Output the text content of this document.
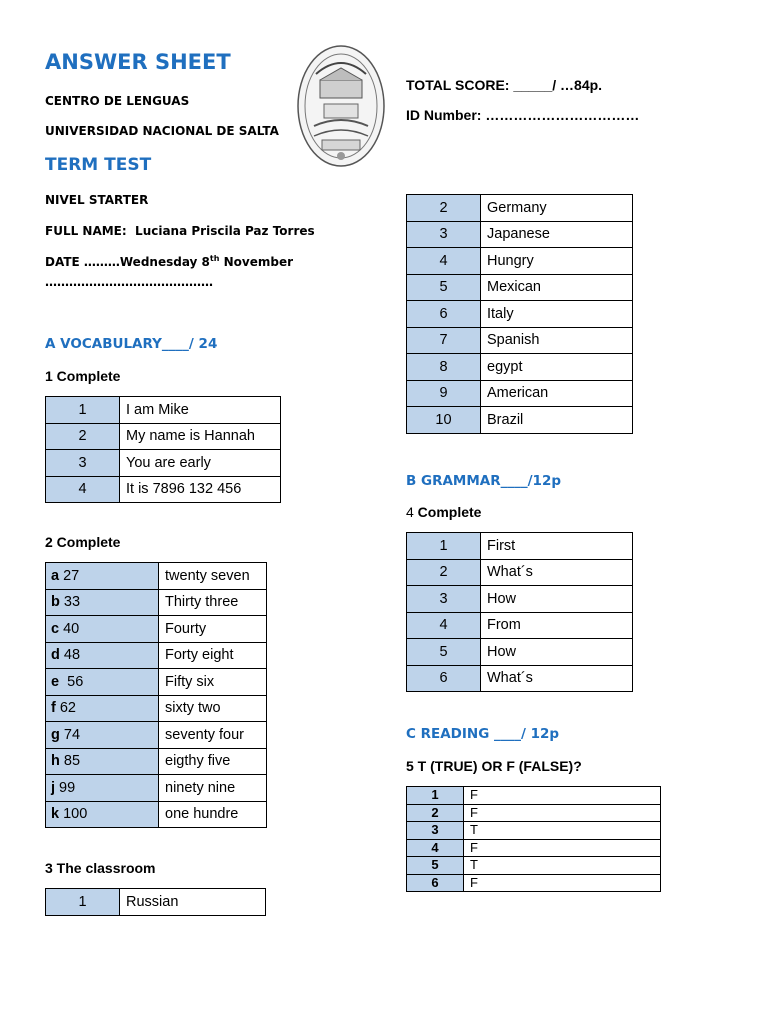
ANSWER SHEET
CENTRO DE LENGUAS
UNIVERSIDAD NACIONAL DE SALTA
TERM TEST
NIVEL STARTER
FULL NAME: Luciana Priscila Paz Torres
DATE ………Wednesday 8th November
……………………………………
TOTAL SCORE: _____/ …84p.
ID Number: ……………………………
A VOCABULARY____/ 24
1 Complete
1	I am Mike
2	My name is Hannah
3	You are early
4	It is 7896 132 456
2 Complete
a 27	twenty seven
b 33	Thirty three
c 40	Fourty
d 48	Forty eight
e  56	Fifty six
f 62	sixty two
g 74	seventy four
h 85	eigthy five
j 99	ninety nine
k 100	one hundre
3 The classroom
1	Russian
2	Germany
3	Japanese
4	Hungry
5	Mexican
6	Italy
7	Spanish
8	egypt
9	American
10	Brazil
B GRAMMAR____/12p
4 Complete
1	First
2	What´s
3	How
4	From
5	How
6	What´s
C READING ____/ 12p
5 T (TRUE) OR F (FALSE)?
1	F
2	F
3	T
4	F
5	T
6	F
